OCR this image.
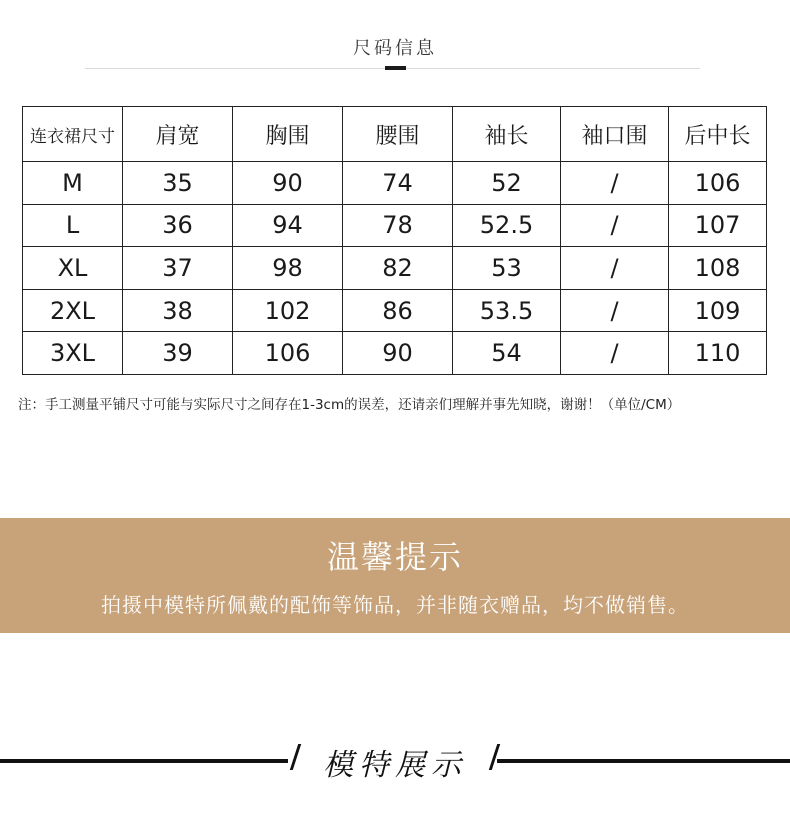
尺码信息
连衣裙尺寸	肩宽	胸围	腰围	袖长	袖口围	后中长
M	35	90	74	52	/	106
L	36	94	78	52.5	/	107
XL	37	98	82	53	/	108
2XL	38	102	86	53.5	/	109
3XL	39	106	90	54	/	110
注：手工测量平铺尺寸可能与实际尺寸之间存在1-3cm的误差，还请亲们理解并事先知晓，谢谢！（单位/CM）
温馨提示
拍摄中模特所佩戴的配饰等饰品，并非随衣赠品，均不做销售。
模特展示
